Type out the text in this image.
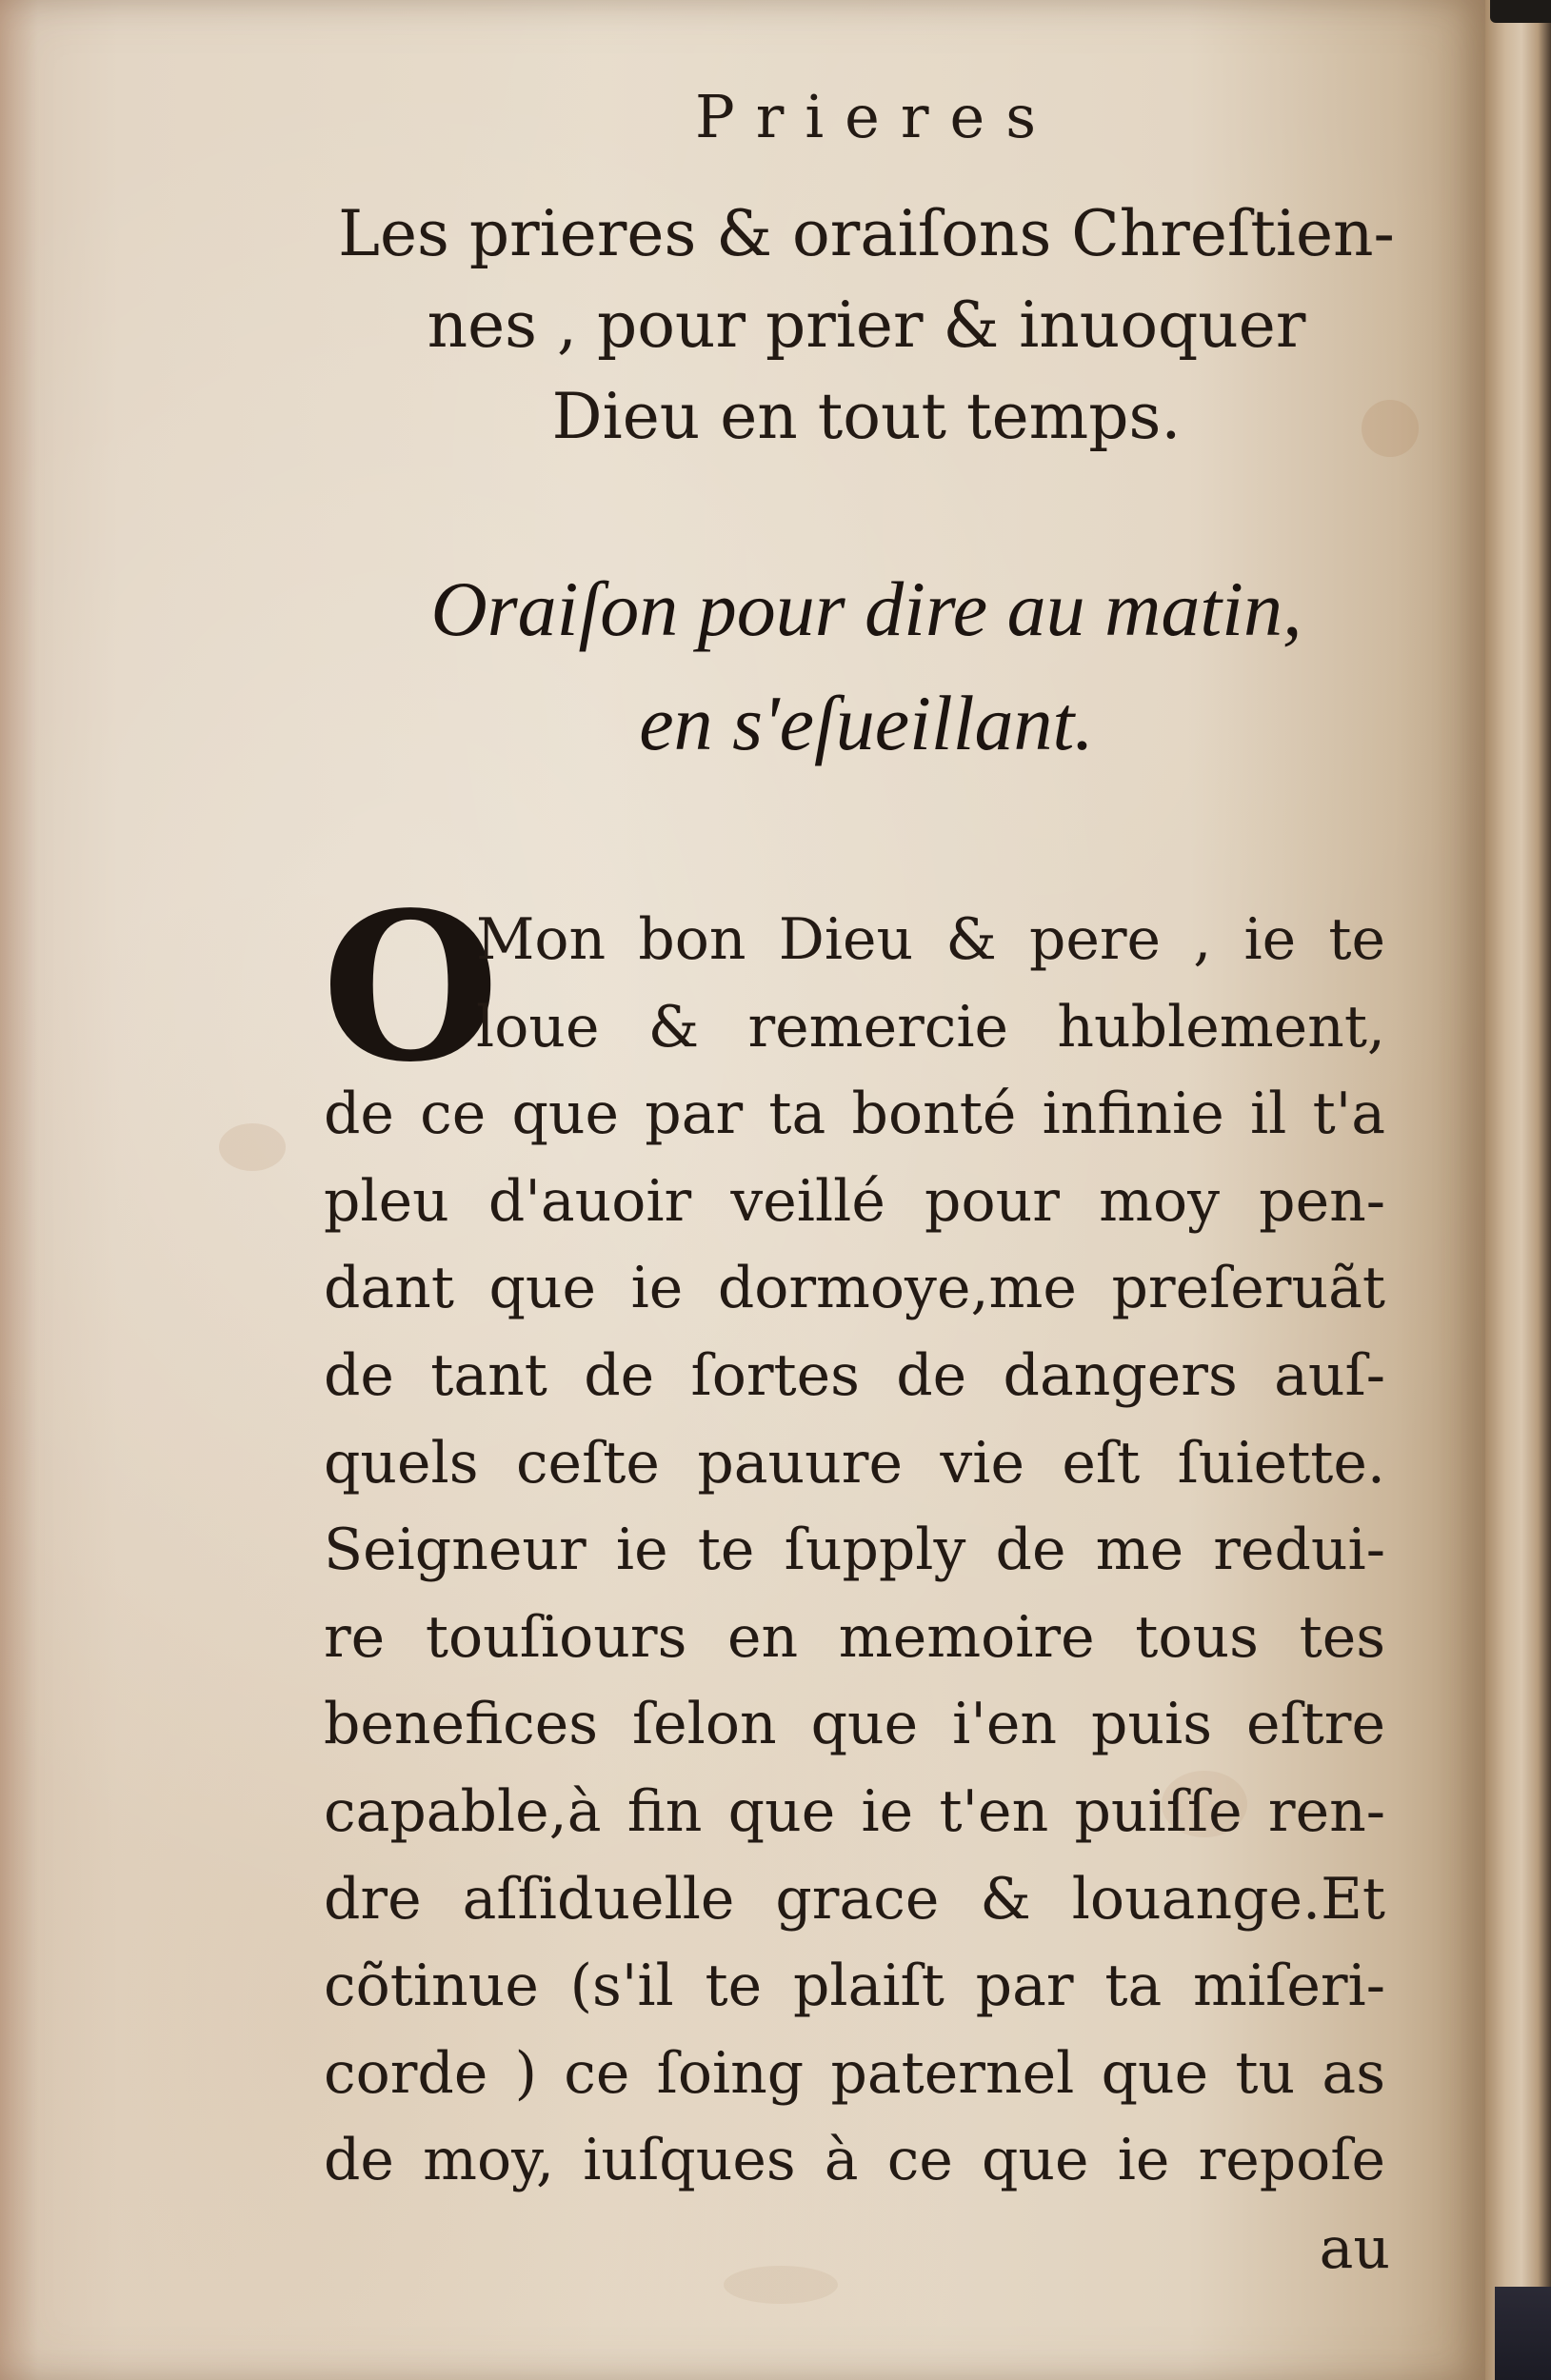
Prieres
Les prieres & oraiſons Chreſtien-
nes , pour prier & inuoquer
Dieu en tout temps.
Oraiſon pour dire au matin,
en s'eſueillant.
O
Mon bon Dieu & pere , ie te
loue & remercie hublement,
de ce que par ta bonté infinie il t'a
pleu d'auoir veillé pour moy pen-
dant que ie dormoye,me preſeruãt
de tant de ſortes de dangers auſ-
quels ceſte pauure vie eſt ſuiette.
Seigneur ie te ſupply de me redui-
re touſiours en memoire tous tes
benefices ſelon que i'en puis eſtre
capable,à fin que ie t'en puiſſe ren-
dre aſſiduelle grace & louange.Et
cõtinue (s'il te plaiſt par ta miſeri-
corde ) ce ſoing paternel que tu as
de moy, iuſques à ce que ie repoſe
au
